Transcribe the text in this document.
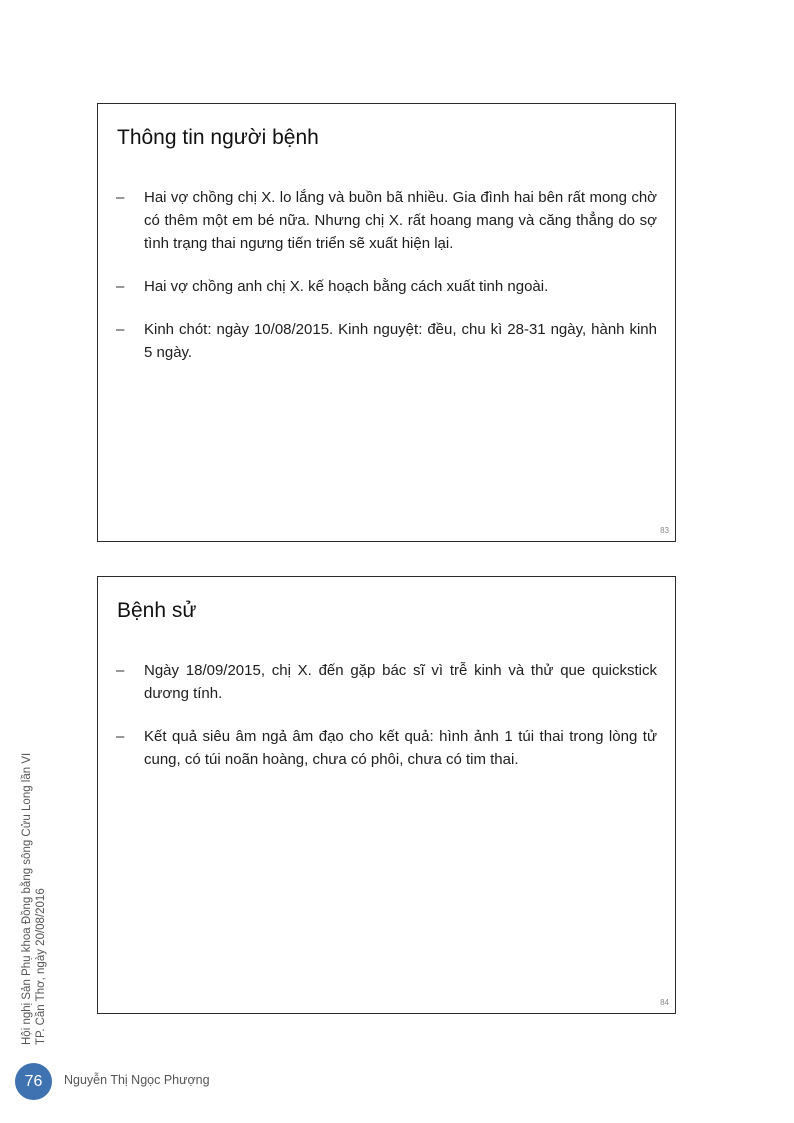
Thông tin người bệnh
–	Hai vợ chồng chị X. lo lắng và buồn bã nhiều. Gia đình hai bên rất mong chờ có thêm một em bé nữa. Nhưng chị X. rất hoang mang và căng thẳng do sợ tình trạng thai ngưng tiến triển sẽ xuất hiện lại.
–	Hai vợ chồng anh chị X. kế hoạch bằng cách xuất tinh ngoài.
–	Kinh chót: ngày 10/08/2015. Kinh nguyệt: đều, chu kì 28-31 ngày, hành kinh 5 ngày.
83
Bệnh sử
–	Ngày 18/09/2015, chị X. đến gặp bác sĩ vì trễ kinh và thử que quickstick dương tính.
–	Kết quả siêu âm ngả âm đạo cho kết quả: hình ảnh 1 túi thai trong lòng tử cung, có túi noãn hoàng, chưa có phôi, chưa có tim thai.
84
Hội nghị Sản Phụ khoa Đồng bằng sông Cửu Long lần VI TP. Cần Thơ, ngày 20/08/2016
76 Nguyễn Thị Ngọc Phượng
